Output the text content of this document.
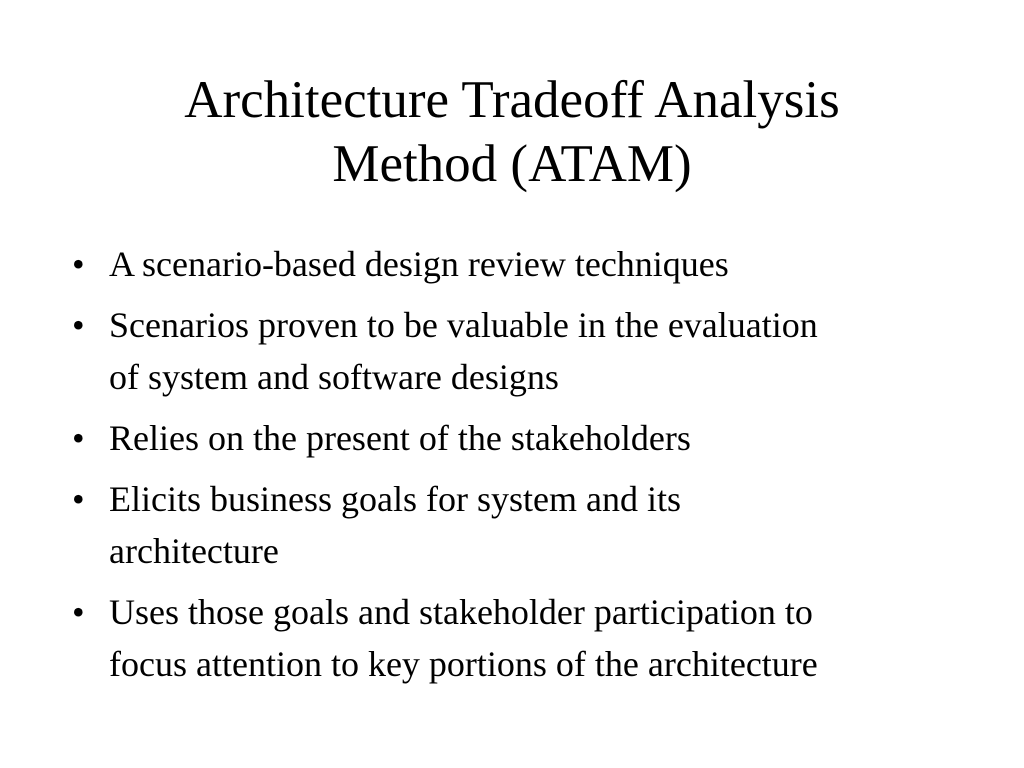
Architecture Tradeoff Analysis
Method (ATAM)
• A scenario-based design review techniques
• Scenarios proven to be valuable in the evaluation
of system and software designs
• Relies on the present of the stakeholders
• Elicits business goals for system and its
architecture
• Uses those goals and stakeholder participation to
focus attention to key portions of the architecture
